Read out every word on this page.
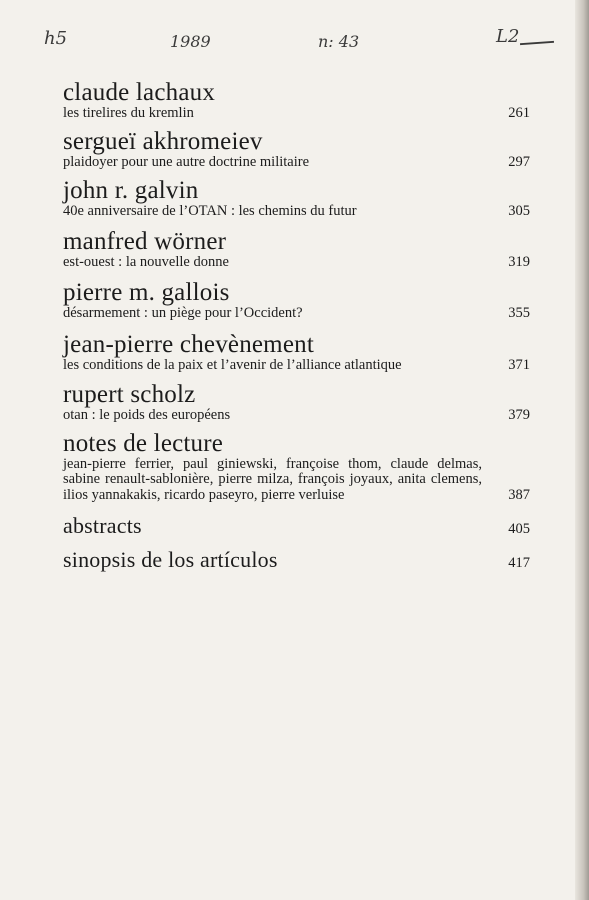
h5	1989	n: 43	L2
claude lachaux
les tirelires du kremlin	261
sergueï akhromeiev
plaidoyer pour une autre doctrine militaire	297
john r. galvin
40e anniversaire de l’OTAN : les chemins du futur	305
manfred wörner
est-ouest : la nouvelle donne	319
pierre m. gallois
désarmement : un piège pour l’Occident?	355
jean-pierre chevènement
les conditions de la paix et l’avenir de l’alliance atlantique	371
rupert scholz
otan : le poids des européens	379
notes de lecture
jean-pierre ferrier, paul giniewski, françoise thom, claude delmas, sabine renault-sablonière, pierre milza, françois joyaux, anita clemens, ilios yannakakis, ricardo paseyro, pierre verluise	387
abstracts	405
sinopsis de los artículos	417
